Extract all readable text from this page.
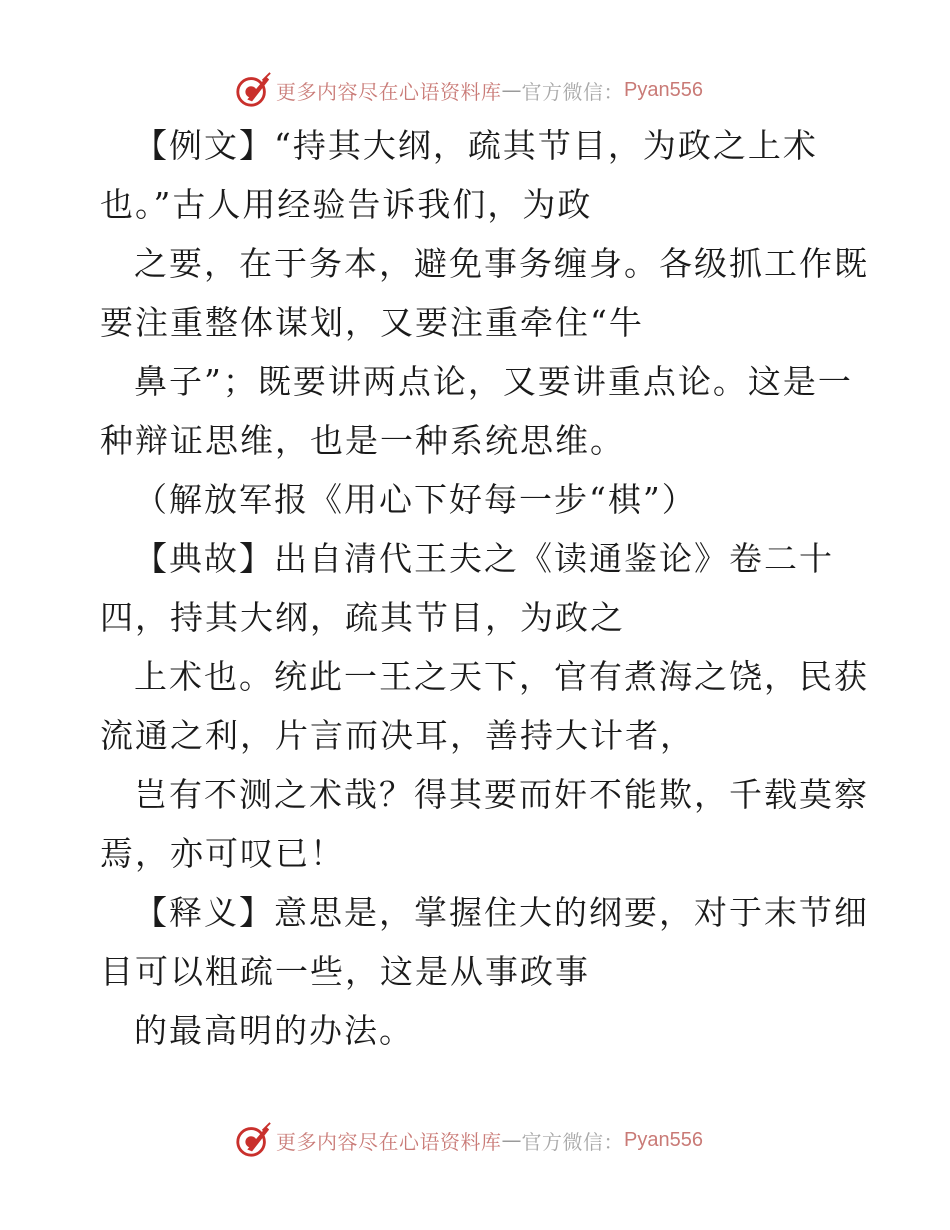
更多内容尽在心语资料库 — 官方微信： Pyan556
【例文】“持其大纲，疏其节目，为政之上术
也。”古人用经验告诉我们，为政
之要，在于务本，避免事务缠身。各级抓工作既
要注重整体谋划，又要注重牵住“牛
鼻子”；既要讲两点论，又要讲重点论。这是一
种辩证思维，也是一种系统思维。
（解放军报《用心下好每一步“棋”）
【典故】出自清代王夫之《读通鉴论》卷二十
四，持其大纲，疏其节目，为政之
上术也。统此一王之天下，官有煮海之饶，民获
流通之利，片言而决耳，善持大计者，
岂有不测之术哉？得其要而奸不能欺，千载莫察
焉，亦可叹已！
【释义】意思是，掌握住大的纲要，对于末节细
目可以粗疏一些，这是从事政事
的最高明的办法。
更多内容尽在心语资料库 — 官方微信： Pyan556
